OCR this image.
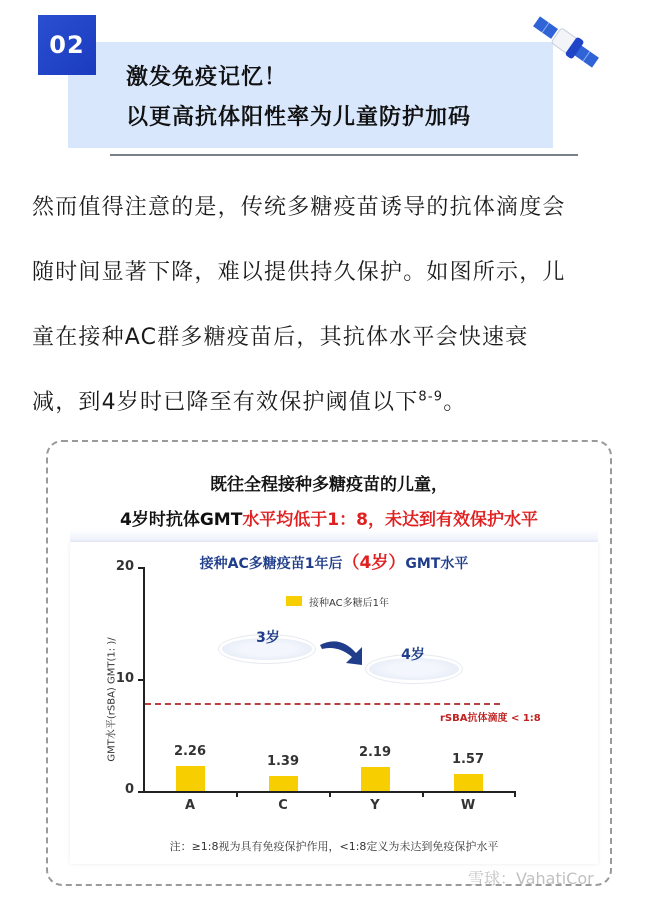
02
激发免疫记忆！
以更高抗体阳性率为儿童防护加码
然而值得注意的是，传统多糖疫苗诱导的抗体滴度会
随时间显著下降，难以提供持久保护。如图所示，儿
童在接种AC群多糖疫苗后，其抗体水平会快速衰
减，到4岁时已降至有效保护阈值以下$^{8-9}$。
既往全程接种多糖疫苗的儿童，
4岁时抗体GMT水平均低于1：8，未达到有效保护水平
接种AC多糖疫苗1年后（4岁）GMT水平
0
10
20
GMT水平(rSBA) GMT(1: )/
接种AC多糖后1年
3岁
4岁
rSBA抗体滴度 < 1:8
2.26
1.39
2.19	1.57
A	C	Y	W
注：≥1:8视为具有免疫保护作用，<1:8定义为未达到免疫保护水平
雪球：VahatiCor
